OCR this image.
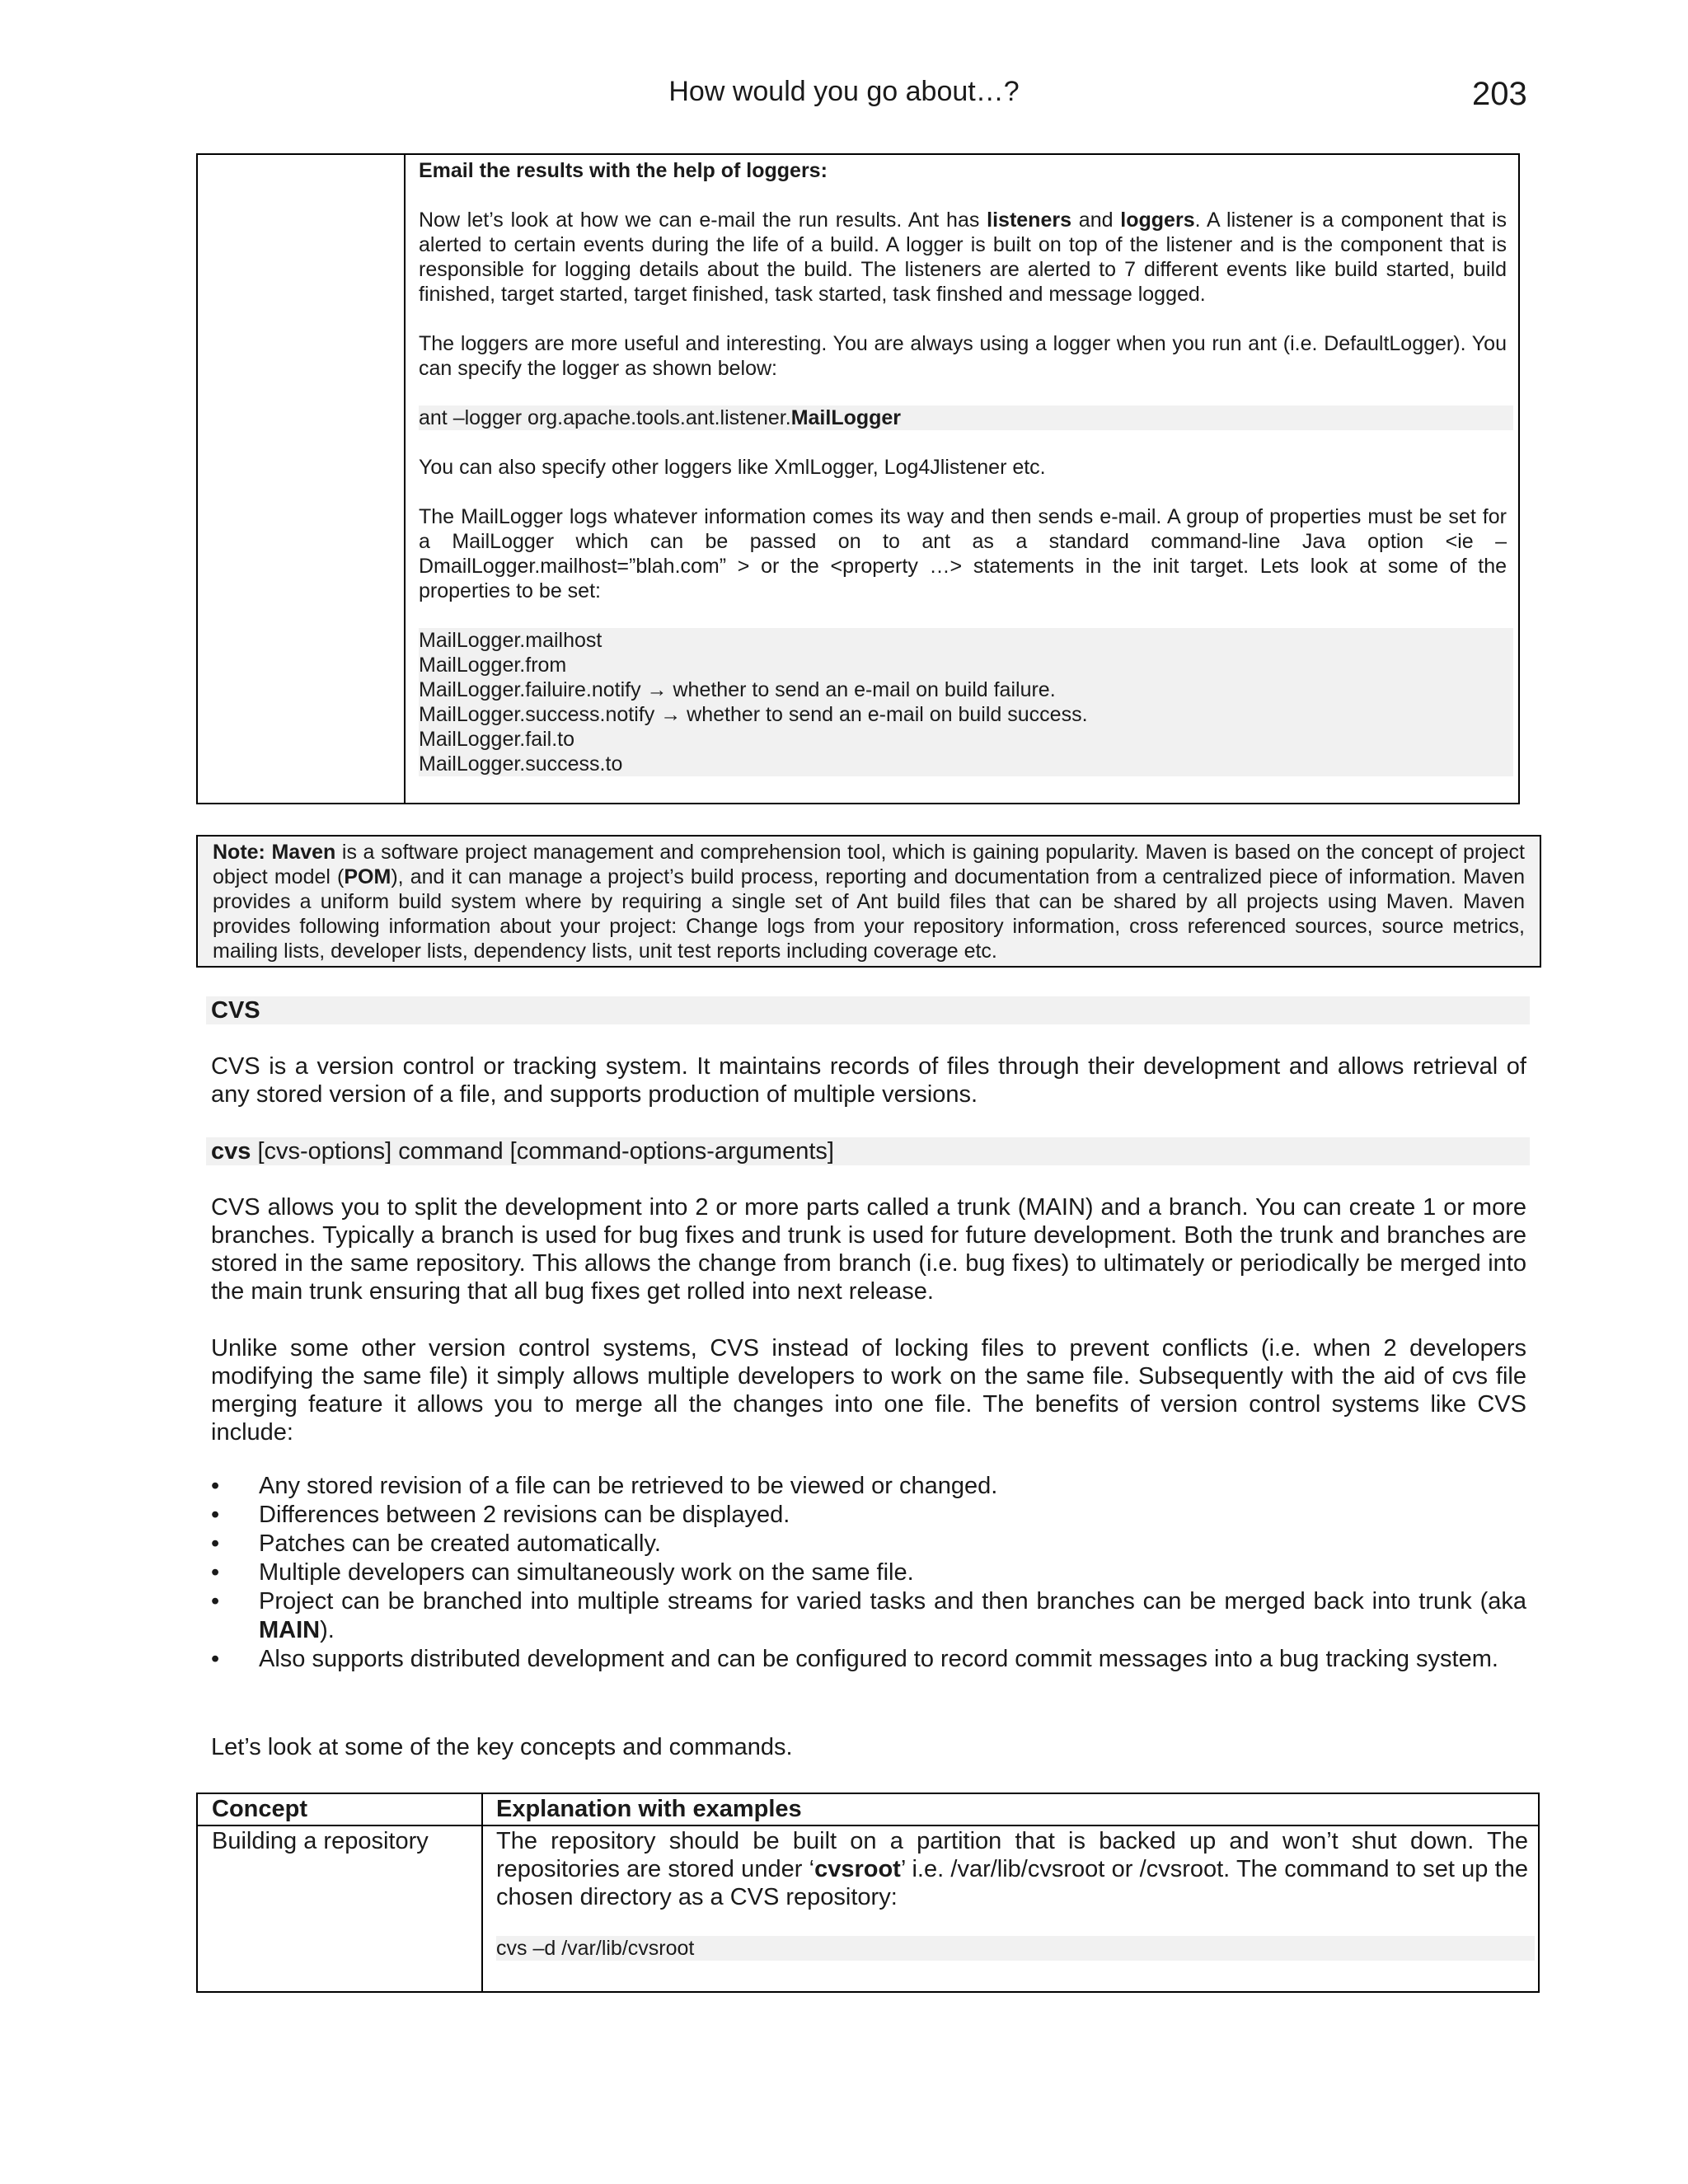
How would you go about…?	203

Email the results with the help of loggers:

Now let’s look at how we can e-mail the run results. Ant has listeners and loggers. A listener is a component that is alerted to certain events during the life of a build. A logger is built on top of the listener and is the component that is responsible for logging details about the build. The listeners are alerted to 7 different events like build started, build finished, target started, target finished, task started, task finshed and message logged.

The loggers are more useful and interesting. You are always using a logger when you run ant (i.e. DefaultLogger). You can specify the logger as shown below:

ant –logger org.apache.tools.ant.listener.MailLogger

You can also specify other loggers like XmlLogger, Log4Jlistener etc.

The MailLogger logs whatever information comes its way and then sends e-mail. A group of properties must be set for a MailLogger which can be passed on to ant as a standard command-line Java option <ie –DmailLogger.mailhost=”blah.com” > or the <property …> statements in the init target. Lets look at some of the properties to be set:

MailLogger.mailhost
MailLogger.from
MailLogger.failuire.notify → whether to send an e-mail on build failure.
MailLogger.success.notify → whether to send an e-mail on build success.
MailLogger.fail.to
MailLogger.success.to
Note: Maven is a software project management and comprehension tool, which is gaining popularity. Maven is based on the concept of project object model (POM), and it can manage a project’s build process, reporting and documentation from a centralized piece of information. Maven provides a uniform build system where by requiring a single set of Ant build files that can be shared by all projects using Maven. Maven provides following information about your project: Change logs from your repository information, cross referenced sources, source metrics, mailing lists, developer lists, dependency lists, unit test reports including coverage etc.
CVS
CVS is a version control or tracking system. It maintains records of files through their development and allows retrieval of any stored version of a file, and supports production of multiple versions.
cvs [cvs-options] command [command-options-arguments]
CVS allows you to split the development into 2 or more parts called a trunk (MAIN) and a branch. You can create 1 or more branches. Typically a branch is used for bug fixes and trunk is used for future development. Both the trunk and branches are stored in the same repository. This allows the change from branch (i.e. bug fixes) to ultimately or periodically be merged into the main trunk ensuring that all bug fixes get rolled into next release.
Unlike some other version control systems, CVS instead of locking files to prevent conflicts (i.e. when 2 developers modifying the same file) it simply allows multiple developers to work on the same file. Subsequently with the aid of cvs file merging feature it allows you to merge all the changes into one file. The benefits of version control systems like CVS include:
• Any stored revision of a file can be retrieved to be viewed or changed.
• Differences between 2 revisions can be displayed.
• Patches can be created automatically.
• Multiple developers can simultaneously work on the same file.
• Project can be branched into multiple streams for varied tasks and then branches can be merged back into trunk (aka MAIN).
• Also supports distributed development and can be configured to record commit messages into a bug tracking system.
Let’s look at some of the key concepts and commands.
Concept	Explanation with examples
Building a repository	The repository should be built on a partition that is backed up and won’t shut down. The repositories are stored under ‘cvsroot’ i.e. /var/lib/cvsroot or /cvsroot. The command to set up the chosen directory as a CVS repository:
cvs –d /var/lib/cvsroot
